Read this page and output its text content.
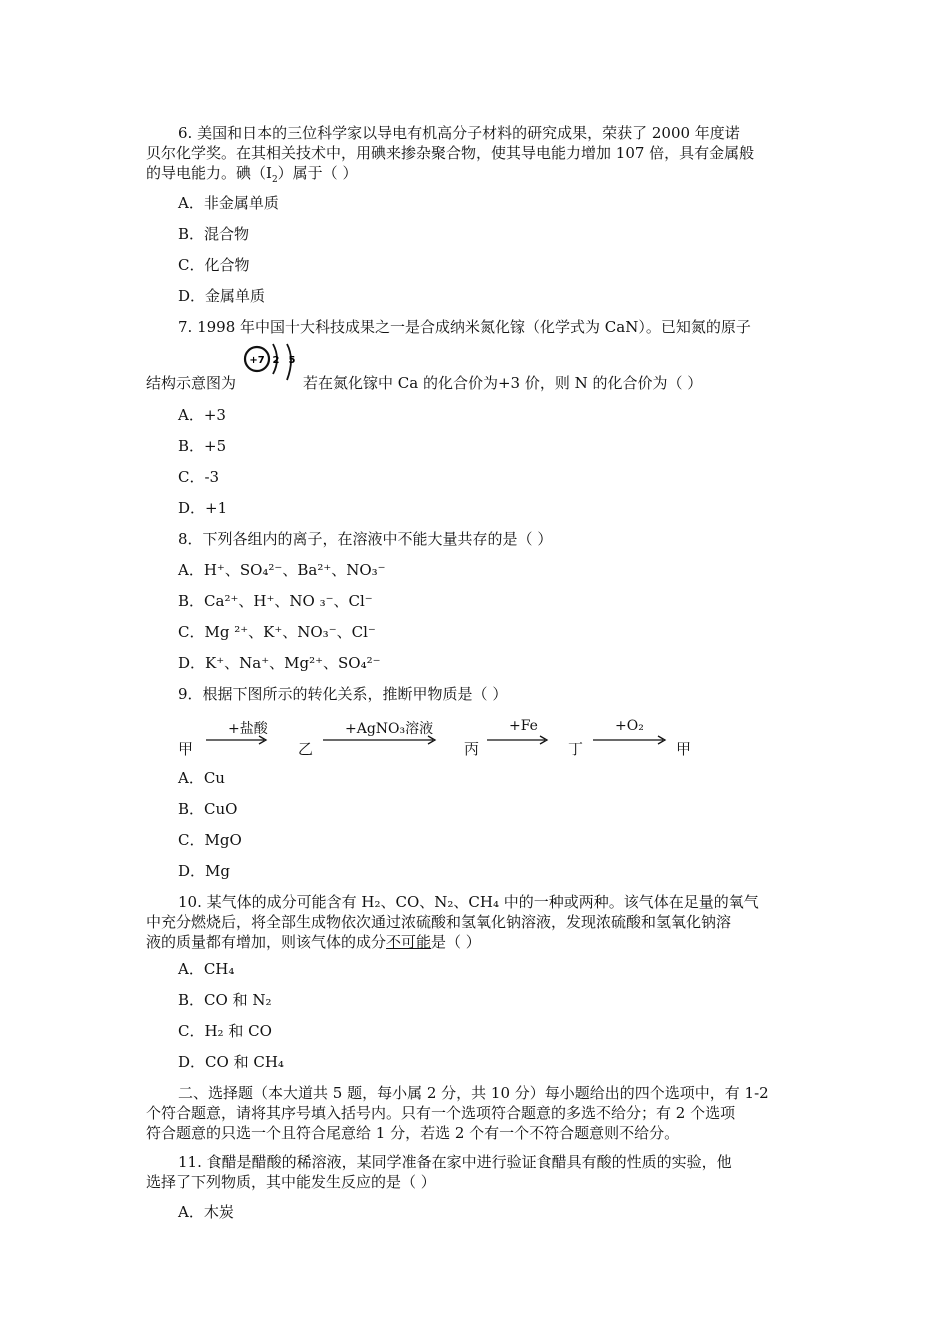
6. 美国和日本的三位科学家以导电有机高分子材料的研究成果，荣获了 2000 年度诺
贝尔化学奖。在其相关技术中，用碘来掺杂聚合物，使其导电能力增加 107 倍，具有金属般
的导电能力。碘$(I_2)$属于（ ）
A．非金属单质
B．混合物
C．化合物
D．金属单质
7. 1998 年中国十大科技成果之一是合成纳米氮化镓（化学式为 CaN）。已知氮的原子
结构示意图为
+7 2 5
若在氮化镓中 Ca 的化合价为+3 价，则 N 的化合价为（ ）
A．+3
B．+5
C．-3
D．+1
8．下列各组内的离子，在溶液中不能大量共存的是（ ）
A．H⁺、SO₄²⁻、Ba²⁺、NO₃⁻
B．Ca²⁺、H⁺、NO ₃⁻、Cl⁻
C．Mg ²⁺、K⁺、NO₃⁻、Cl⁻
D．K⁺、Na⁺、Mg²⁺、SO₄²⁻
9．根据下图所示的转化关系，推断甲物质是（ ）
甲
+盐酸
乙
+AgNO₃溶液
丙
+Fe
丁
+O₂
甲
A．Cu
B．CuO
C．MgO
D．Mg
10. 某气体的成分可能含有 H₂、CO、N₂、CH₄ 中的一种或两种。该气体在足量的氧气
中充分燃烧后，将全部生成物依次通过浓硫酸和氢氧化钠溶液，发现浓硫酸和氢氧化钠溶
液的质量都有增加，则该气体的成分不可能是（ ）
A．CH₄
B．CO 和 N₂
C．H₂ 和 CO
D．CO 和 CH₄
二、选择题（本大道共 5 题，每小属 2 分，共 10 分）每小题给出的四个选项中，有 1-2
个符合题意，请将其序号填入括号内。只有一个选项符合题意的多选不给分；有 2 个选项
符合题意的只选一个且符合尾意给 1 分，若选 2 个有一个不符合题意则不给分。
11. 食醋是醋酸的稀溶液，某同学准备在家中进行验证食醋具有酸的性质的实验，他
选择了下列物质，其中能发生反应的是（ ）
A．木炭
